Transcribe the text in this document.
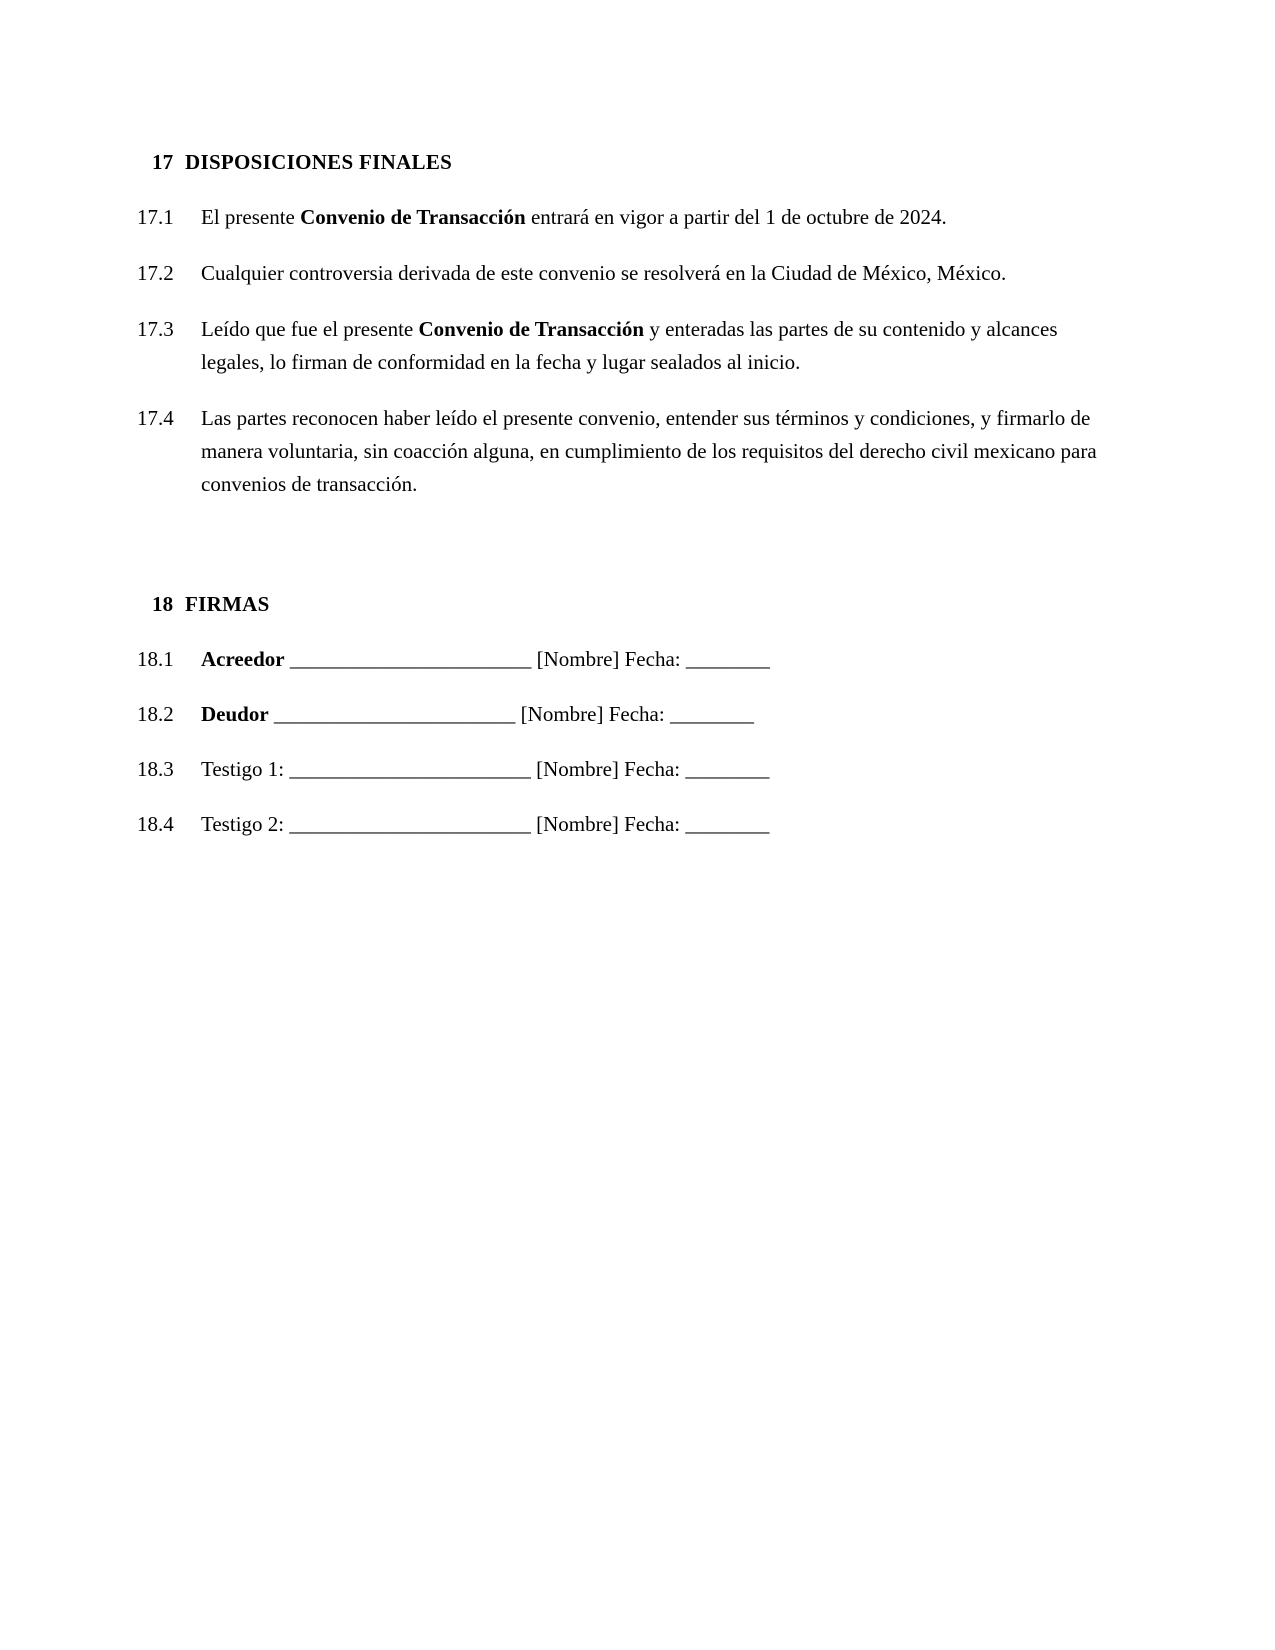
17 DISPOSICIONES FINALES
17.1	El presente Convenio de Transacción entrará en vigor a partir del 1 de octubre de 2024.
17.2	Cualquier controversia derivada de este convenio se resolverá en la Ciudad de México, México.
17.3	Leído que fue el presente Convenio de Transacción y enteradas las partes de su contenido y alcances legales, lo firman de conformidad en la fecha y lugar sealados al inicio.
17.4	Las partes reconocen haber leído el presente convenio, entender sus términos y condiciones, y firmarlo de manera voluntaria, sin coacción alguna, en cumplimiento de los requisitos del derecho civil mexicano para convenios de transacción.
18 FIRMAS
18.1	Acreedor _______________________ [Nombre] Fecha: ________
18.2	Deudor _______________________ [Nombre] Fecha: ________
18.3	Testigo 1: _______________________ [Nombre] Fecha: ________
18.4	Testigo 2: _______________________ [Nombre] Fecha: ________
